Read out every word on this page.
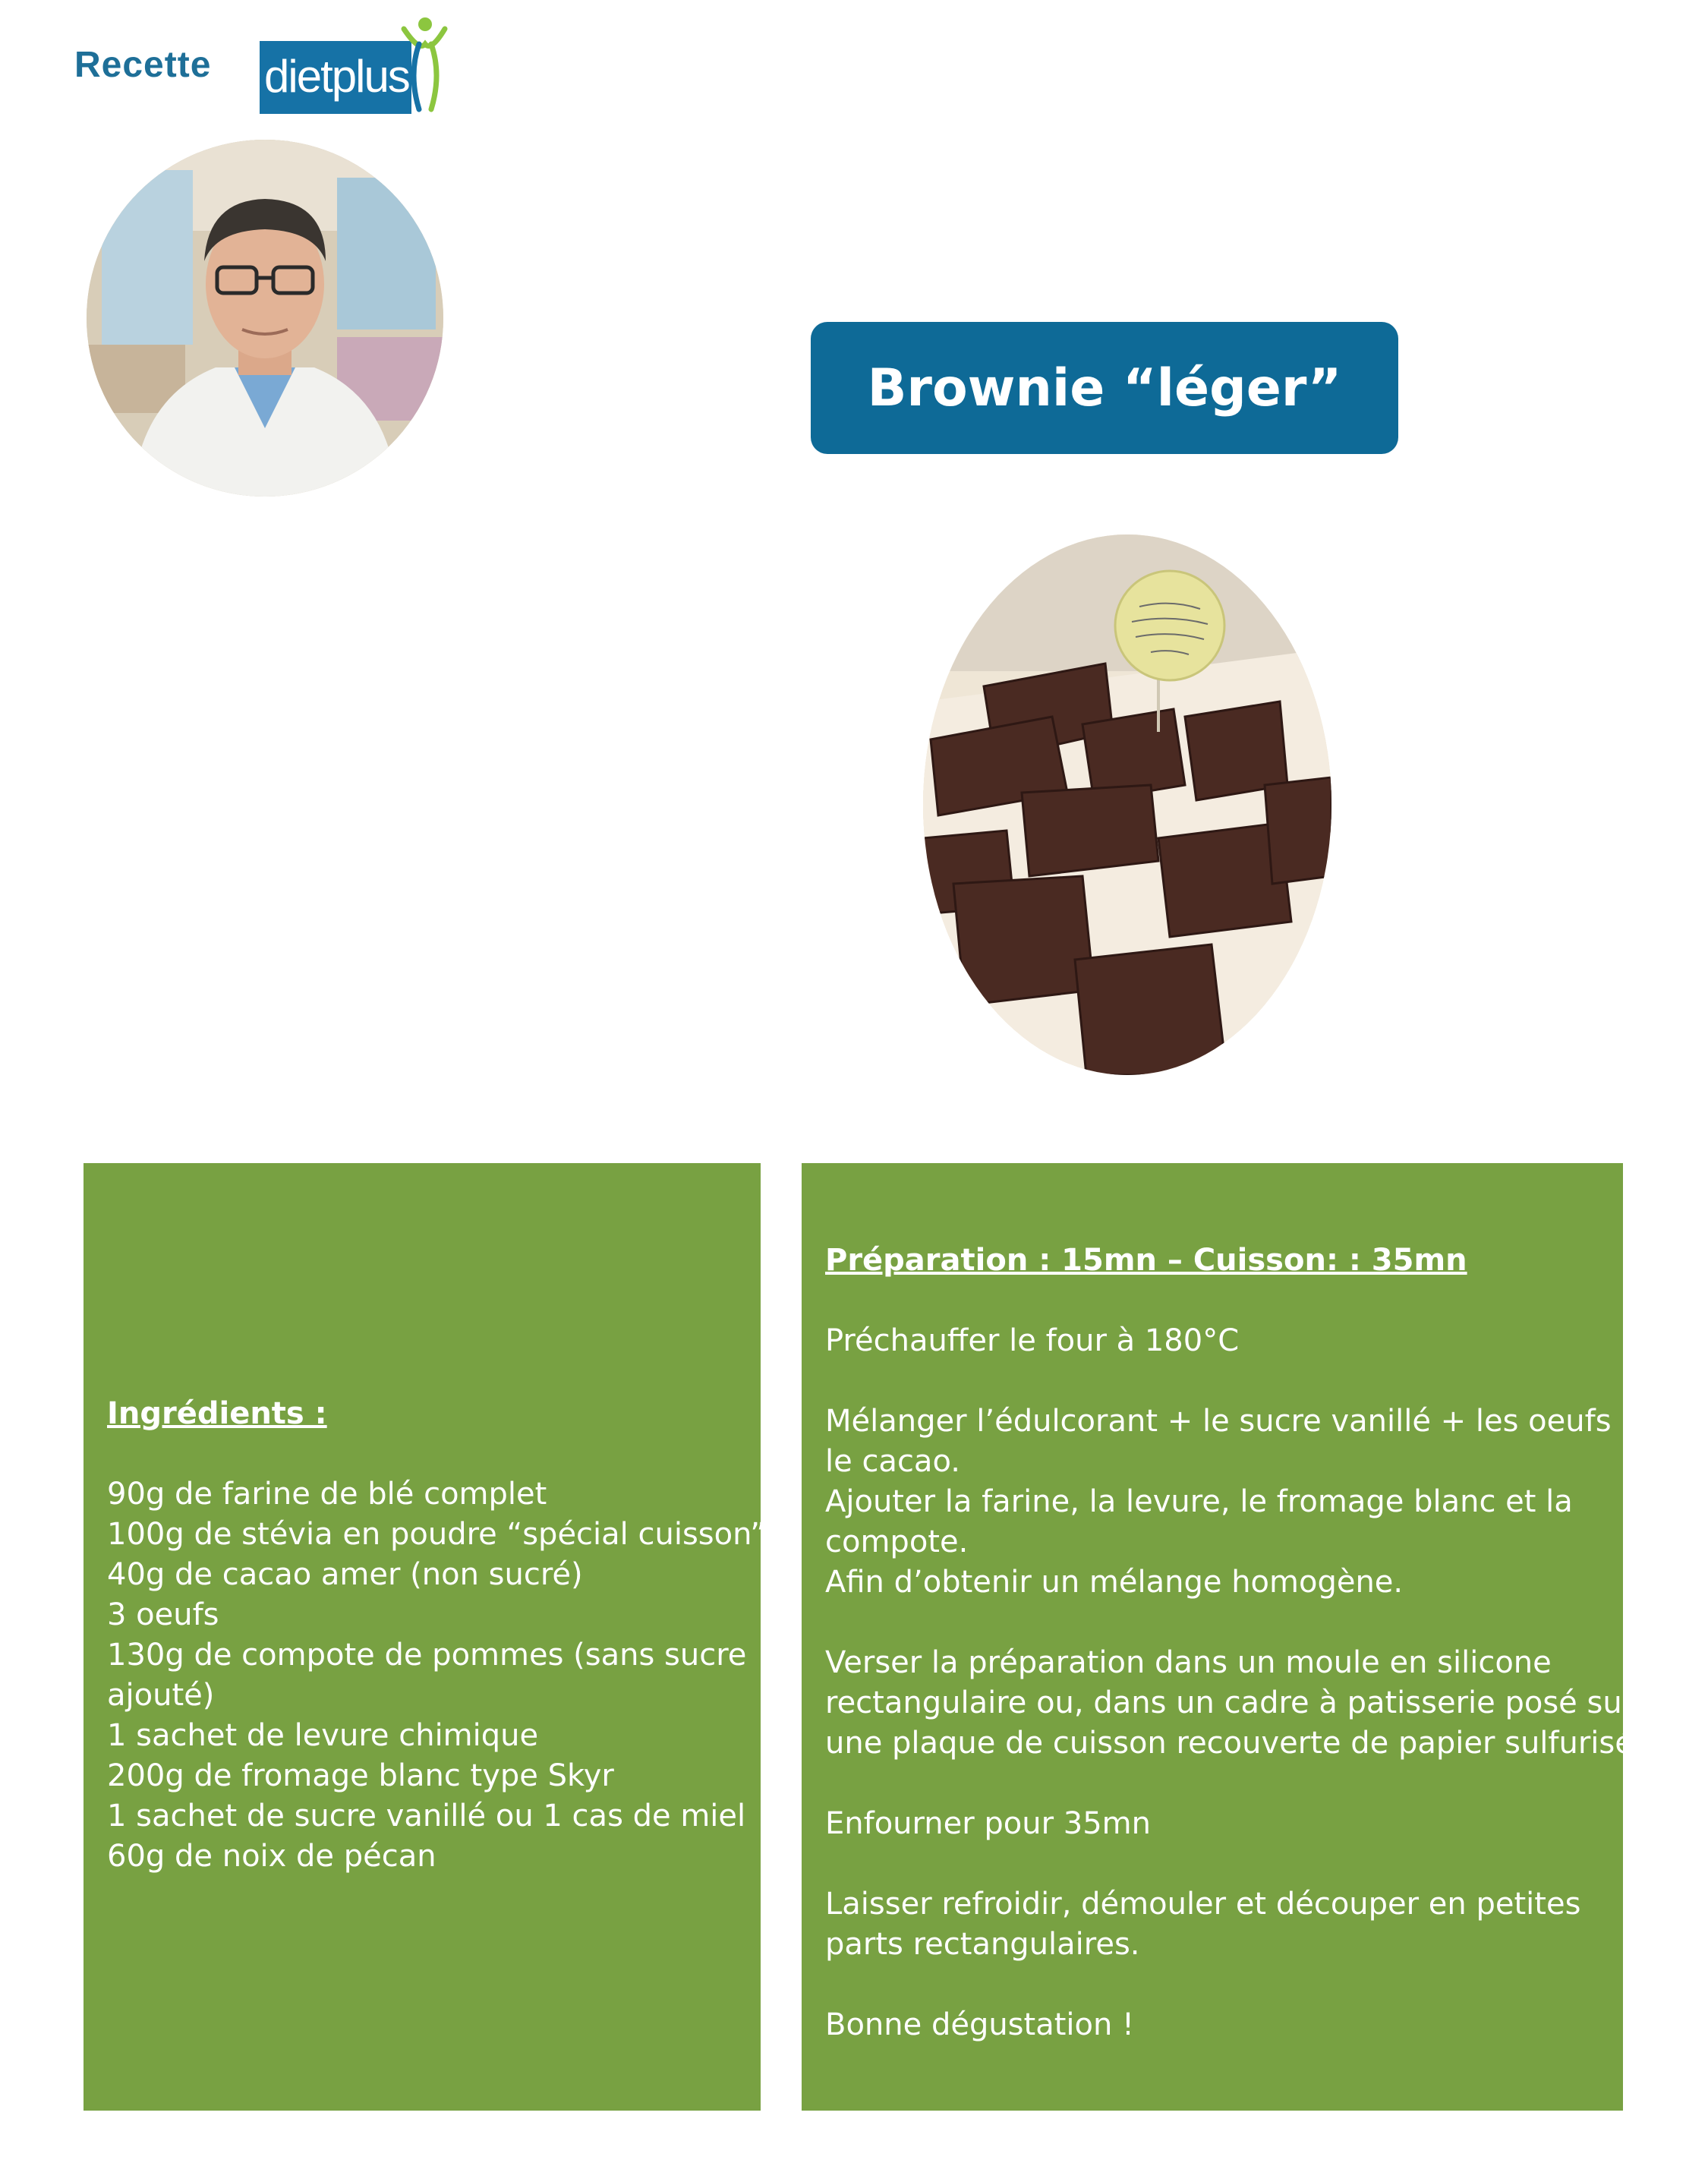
Recette dietplus
Brownie “léger”
Ingrédients :
90g de farine de blé complet
100g de stévia en poudre “spécial cuisson”
40g de cacao amer (non sucré)
3 oeufs
130g de compote de pommes (sans sucre
ajouté)
1 sachet de levure chimique
200g de fromage blanc type Skyr
1 sachet de sucre vanillé ou 1 cas de miel
60g de noix de pécan
Préparation : 15mn – Cuisson: : 35mn
Préchauffer le four à 180°C
Mélanger l’édulcorant + le sucre vanillé + les oeufs +
le cacao.
Ajouter la farine, la levure, le fromage blanc et la
compote.
Afin d’obtenir un mélange homogène.
Verser la préparation dans un moule en silicone
rectangulaire ou, dans un cadre à patisserie posé sur
une plaque de cuisson recouverte de papier sulfurisé.
Enfourner pour 35mn
Laisser refroidir, démouler et découper en petites
parts rectangulaires.
Bonne dégustation !
